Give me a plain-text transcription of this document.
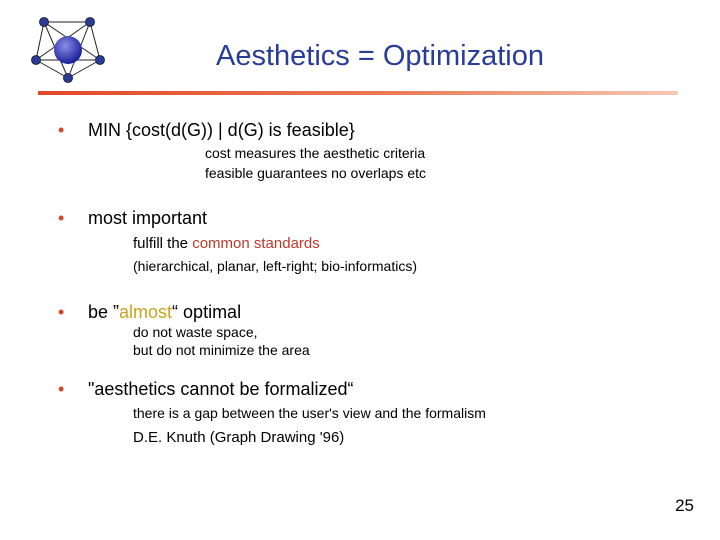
Aesthetics = Optimization
• MIN {cost(d(G)) | d(G) is feasible}
cost measures the aesthetic criteria
feasible guarantees no overlaps etc
• most important
fulfill the common standards
(hierarchical, planar, left-right; bio-informatics)
• be ”almost“ optimal
do not waste space,
but do not minimize the area
• "aesthetics cannot be formalized“
there is a gap between the user's view and the formalism
D.E. Knuth (Graph Drawing '96)
25
